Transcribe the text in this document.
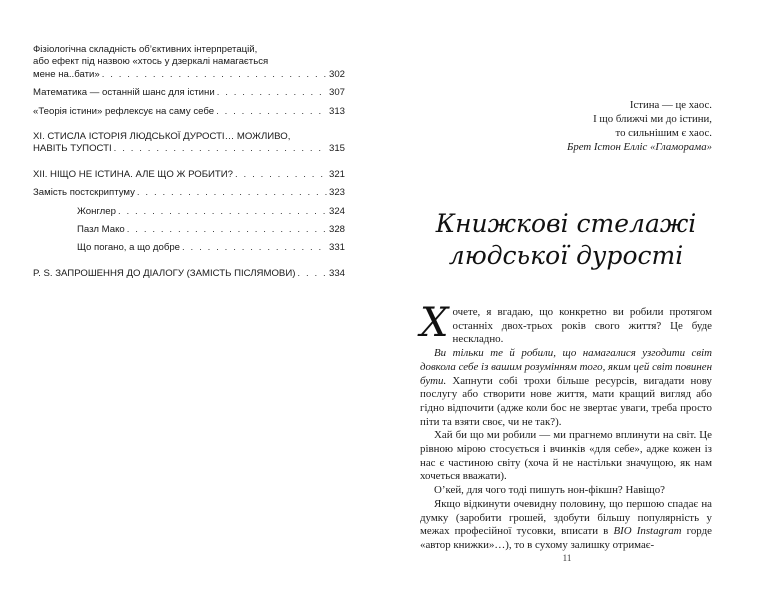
Фізіологічна складність об’єктивних інтерпретацій,
або ефект під назвою «хтось у дзеркалі намагається
мене на..бати» . . .	302
Математика — останній шанс для істини . . .	307
«Теорія істини» рефлексує на саму себе . . .	313
XI. СТИСЛА ІСТОРІЯ ЛЮДСЬКОЇ ДУРОСТІ… МОЖЛИВО,
НАВІТЬ ТУПОСТІ . . .	315
XII. НІЩО НЕ ІСТИНА. АЛЕ ЩО Ж РОБИТИ? . . .	321
Замість постскриптуму . . .	323
Жонглер . . .	324
Пазл Мако . . .	328
Що погано, а що добре . . .	331
P. S. ЗАПРОШЕННЯ ДО ДІАЛОГУ (ЗАМІСТЬ ПІСЛЯМОВИ) . . .	334
Істина — це хаос.
І що ближчі ми до істини,
то сильнішим є хаос.
Брет Істон Елліс «Гламорама»
Книжкові стелажі
людської дурості

Хочете, я вгадаю, що конкретно ви робили протягом останніх двох-трьох років свого життя? Це буде нескладно.

Ви тільки те й робили, що намагалися узгодити світ довкола себе із вашим розумінням того, яким цей світ повинен бути. Хапнути собі трохи більше ресурсів, вигадати нову послугу або створити нове життя, мати кращий вигляд або гідно відпочити (адже коли бос не звертає уваги, треба просто піти та взяти своє, чи не так?).

Хай би що ми робили — ми прагнемо вплинути на світ. Це рівною мірою стосується і вчинків «для себе», адже кожен із нас є частиною світу (хоча й не настільки значущою, як нам хочеться вважати).

О’кей, для чого тоді пишуть нон-фікшн? Навіщо?

Якщо відкинути очевидну половину, що першою спадає на думку (заробити грошей, здобути більшу популярність у межах професійної тусовки, вписати в BIO Instagram горде «автор книжки»…), то в сухому залишку отримає-

11
